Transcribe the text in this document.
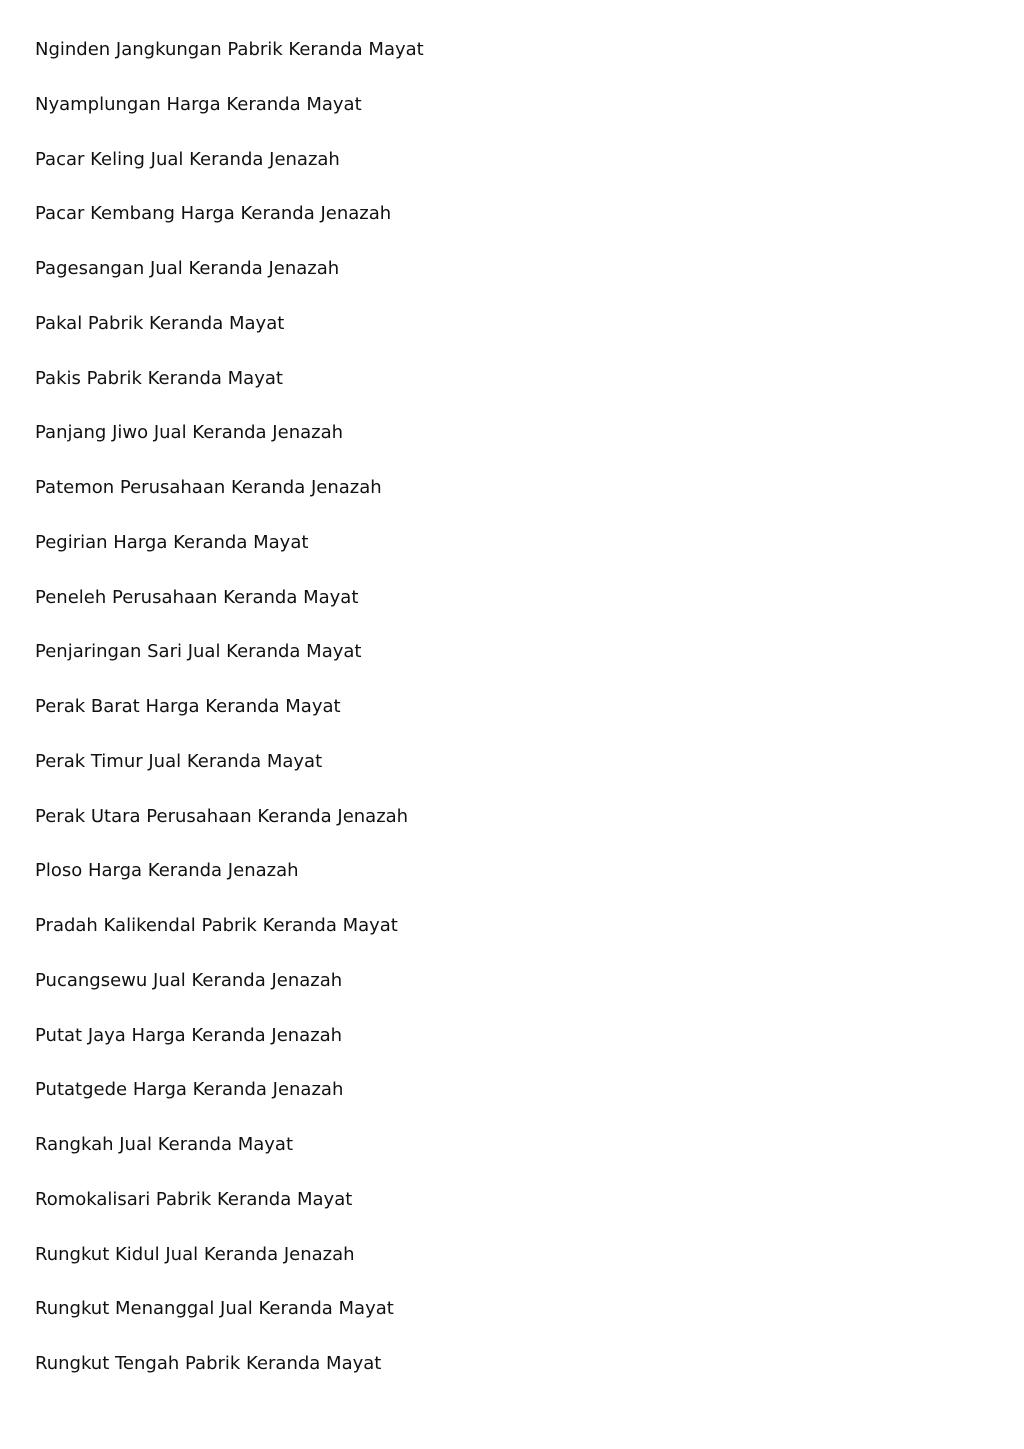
Nginden Jangkungan Pabrik Keranda Mayat
Nyamplungan Harga Keranda Mayat
Pacar Keling Jual Keranda Jenazah
Pacar Kembang Harga Keranda Jenazah
Pagesangan Jual Keranda Jenazah
Pakal Pabrik Keranda Mayat
Pakis Pabrik Keranda Mayat
Panjang Jiwo Jual Keranda Jenazah
Patemon Perusahaan Keranda Jenazah
Pegirian Harga Keranda Mayat
Peneleh Perusahaan Keranda Mayat
Penjaringan Sari Jual Keranda Mayat
Perak Barat Harga Keranda Mayat
Perak Timur Jual Keranda Mayat
Perak Utara Perusahaan Keranda Jenazah
Ploso Harga Keranda Jenazah
Pradah Kalikendal Pabrik Keranda Mayat
Pucangsewu Jual Keranda Jenazah
Putat Jaya Harga Keranda Jenazah
Putatgede Harga Keranda Jenazah
Rangkah Jual Keranda Mayat
Romokalisari Pabrik Keranda Mayat
Rungkut Kidul Jual Keranda Jenazah
Rungkut Menanggal Jual Keranda Mayat
Rungkut Tengah Pabrik Keranda Mayat
